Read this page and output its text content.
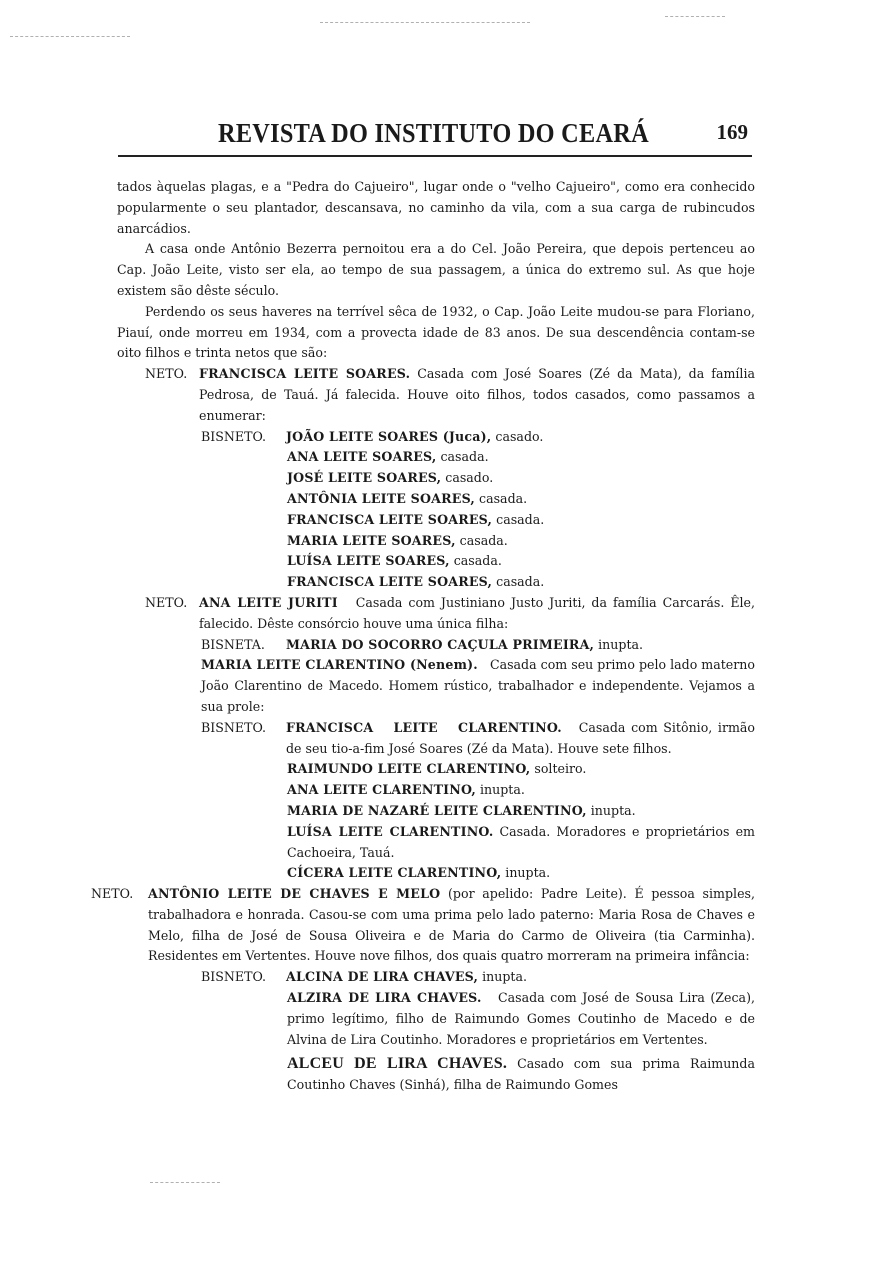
REVISTA DO INSTITUTO DO CEARÁ	169

tados àquelas plagas, e a "Pedra do Cajueiro", lugar onde o "velho Cajueiro", como era conhecido popularmente o seu plantador, descansava, no caminho da vila, com a sua carga de rubincudos anarcádios.

A casa onde Antônio Bezerra pernoitou era a do Cel. João Pereira, que depois pertenceu ao Cap. João Leite, visto ser ela, ao tempo de sua passagem, a única do extremo sul. As que hoje existem são dêste século.

Perdendo os seus haveres na terrível sêca de 1932, o Cap. João Leite mudou-se para Floriano, Piauí, onde morreu em 1934, com a provecta idade de 83 anos. De sua descendência contam-se oito filhos e trinta netos que são:

NETO. FRANCISCA LEITE SOARES. Casada com José Soares (Zé da Mata), da família Pedrosa, de Tauá. Já falecida. Houve oito filhos, todos casados, como passamos a enumerar:

BISNETO.	JOÃO LEITE SOARES (Juca), casado.

ANA LEITE SOARES, casada.

JOSÉ LEITE SOARES, casado.

ANTÔNIA LEITE SOARES, casada.

FRANCISCA LEITE SOARES, casada.

MARIA LEITE SOARES, casada.

LUÍSA LEITE SOARES, casada.

FRANCISCA LEITE SOARES, casada.

NETO. ANA LEITE JURITI Casada com Justiniano Justo Juriti, da família Carcarás. Êle, falecido. Dêste consórcio houve uma única filha:

BISNETA.	MARIA DO SOCORRO CAÇULA PRIMEIRA, inupta.

MARIA LEITE CLARENTINO (Nenem). Casada com seu primo pelo lado materno João Clarentino de Macedo. Homem rústico, trabalhador e independente. Vejamos a sua prole:

BISNETO.	FRANCISCA LEITE CLARENTINO. Casada com Sitônio, irmão de seu tio-a-fim José Soares (Zé da Mata). Houve sete filhos.

RAIMUNDO LEITE CLARENTINO, solteiro.

ANA LEITE CLARENTINO, inupta.

MARIA DE NAZARÉ LEITE CLARENTINO, inupta.

LUÍSA LEITE CLARENTINO. Casada. Moradores e proprietários em Cachoeira, Tauá.

CÍCERA LEITE CLARENTINO, inupta.

NETO.	ANTÔNIO LEITE DE CHAVES E MELO (por apelido: Padre Leite). É pessoa simples, trabalhadora e honrada. Casou-se com uma prima pelo lado paterno: Maria Rosa de Chaves e Melo, filha de José de Sousa Oliveira e de Maria do Carmo de Oliveira (tia Carminha). Residentes em Vertentes. Houve nove filhos, dos quais quatro morreram na primeira infância:

BISNETO.	ALCINA DE LIRA CHAVES, inupta.

ALZIRA DE LIRA CHAVES. Casada com José de Sousa Lira (Zeca), primo legítimo, filho de Raimundo Gomes Coutinho de Macedo e de Alvina de Lira Coutinho. Moradores e proprietários em Vertentes.

ALCEU DE LIRA CHAVES. Casado com sua prima Raimunda Coutinho Chaves (Sinhá), filha de Raimundo Gomes
